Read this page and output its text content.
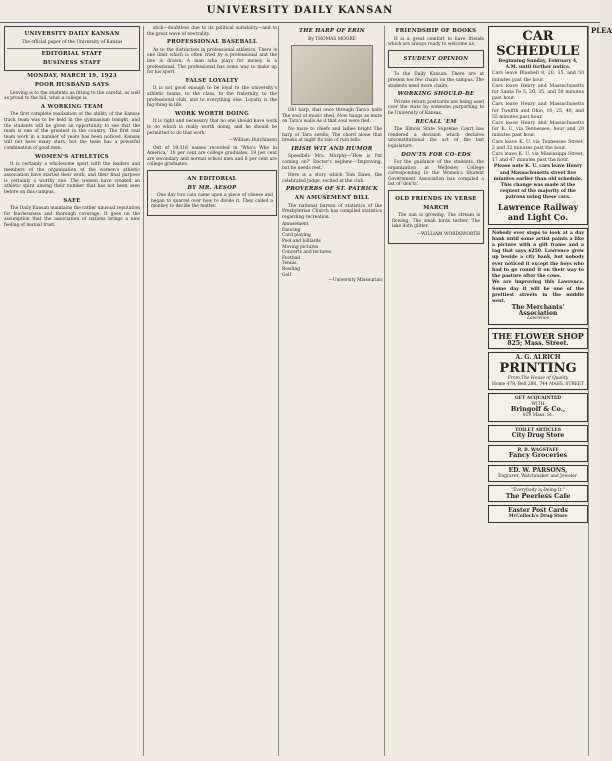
UNIVERSITY DAILY KANSAN
UNIVERSITY DAILY KANSAN
The official paper of the University of Kansas
EDITORIAL STAFF
BUSINESS STAFF
MONDAY, MARCH 19, 1923
POOR HUSBAND SAYS
Leaving is to the students as fitting to the careful, as well as proud to the hill, what a college is.
A WORKING TEAM
The first complete realization of the ability of the Kansas track team was to be held in the gymnasium tonight, and the students will be given an opportunity to see that the team is one of the greatest in the country. The first real team work in a number of years has been noticed. Kansas will not have many stars, but the team has a powerful combination of good men.
WOMEN'S ATHLETICS
It is certainly a wholesome sport with the leaders and members of the organization of the women's athletic association have started their work, and their final purpose is certainly a worthy one. The women have created an athletic spirit among their number that has not been seen before on this campus.
SAFE
The Daily Kansan maintains the rather unusual reputation for fearlessness and thorough coverage. It goes on the assumption that the association of nations brings a new feeling of mutual trust.
stick—doubtless due to its political suitability—and to the great wave of neutrality.
PROFESSIONAL BASEBALL
As to the distinction in professional athletics. There is one limit which is often tried by a professional and the line is drawn. A man who plays for money is a professional. The professional has some way to make up for his sport.
FALSE LOYALTY
It is not good enough to be loyal to the university's athletic teams, to the class, to the fraternity, to the professional club, and to everything else. Loyalty is the big thing in life.
WORK WORTH DOING
It is right and necessary that no one should have work to do which is really worth doing, and he should be permitted to do that work.
—William Hutchinson
Out of 19,316 names recorded in 'Who's Who in America,' 16 per cent are college graduates, 19 per cent are secondary and normal school men and 6 per cent are college graduates.
AN EDITORIAL
BY MR. AESOP
One day two cats came upon a piece of cheese and began to quarrel over how to divide it. They called a monkey to decide the matter.
THE HARP OF ERIN
By THOMAS MOORE
Oh! harp, that once through Tara's halls The soul of music shed, Now hangs as mute on Tara's walls As if that soul were fled.
No more to chiefs and ladies bright The harp of Tara swells; The chord alone that breaks at night Its tale of ruin tells.
IRISH WIT AND HUMOR
Speedbill: Mrs. Murphy—'How is Pat coming on?' Doctor's nephew—'Improving, but he needs rest.'
Here is a story which Tom Daws, the celebrated judge, recited at the club.
PROVERBS OF ST. PATRICK
AN AMUSEMENT BILL
The national bureau of statistics of the Presbyterian Church has compiled statistics regarding recreation.
Amusement
Dancing
Card playing
Pool and billiards
Moving pictures
Concerts and lectures
Football
Tennis
Bowling
Golf
—University Missourian
FRIENDSHIP OF BOOKS
It is a great comfort to have friends which are always ready to welcome us.
STUDENT OPINION
To the Daily Kansan: There are at present too few chairs on the campus. The students need more chairs.
WORKING SHOULD-BE
Private return postcards are being used over the state by someone purporting to be University of Kansas.
RECALL 'EM
The Illinois State Supreme Court has rendered a decision which declares unconstitutional the act of the last legislature.
DON'TS FOR CO-EDS
For the guidance of the students, the organization at Wellesley College corresponding to the Women's Student Government Association has compiled a list of 'don'ts'.
OLD FRIENDS IN VERSE
MARCH
The sun is growing, The stream is flowing, The small birds twitter, The lake doth glitter.
—WILLIAM WORDSWORTH
CAR SCHEDULE
Beginning Sunday, February 4, A.M. until further notice.
Cars leave Bluebell 8, 20, 35, and 50 minutes past the hour.
Cars leave Henry and Massachusetts for Santa Fe 5, 20, 35, and 50 minutes past hour.
Cars leave Henry and Massachusetts for Twelfth and Ohio, 10, 25, 40, and 55 minutes past hour.
Cars leave Henry and Massachusetts for K. U. via Tennessee, hour and 20 minutes past hour.
Cars leave K. U. via Tennessee Street, 2 and 32 minutes past the hour.
Cars leave K. U. via Mississippi Street, 17 and 47 minutes past the hour.
Please note K. U. cars leave Henry and Massachusetts street five minutes earlier than old schedule. This change was made at the request of the majority of the patrons using these cars.
Lawrence Railway and Light Co.
Nobody ever stops to look at a day bank until some artist paints a like a picture with a gift frame and a tag that says $250. Lawrence grew up beside a city bank, but nobody ever noticed it except the boys who had to go round it on their way to the pasture after the cows.
We are improving this Lawrence. Some day it will be one of the prettiest streets in the middle west.
The Merchants' Association
Lawrence
THE FLOWER SHOP
825; Mass. Street.
A. G. ALRICH
PRINTING
From The House of Quality
Home 478, Bell 288. 744 MASS. STREET
GET ACQUAINTED
WITH
Bringolf & Co.,
819 Mass. St.
TOILET ARTICLES
City Drug Store
R. B. WAGSTAFF
Fancy Groceries
ED. W. PARSONS,
Engraver, Watchmaker and Jeweler.
"Everybody is Doing It."
The Peerless Cafe
Easter Post Cards
McColloch's Drug Store
PLEA
